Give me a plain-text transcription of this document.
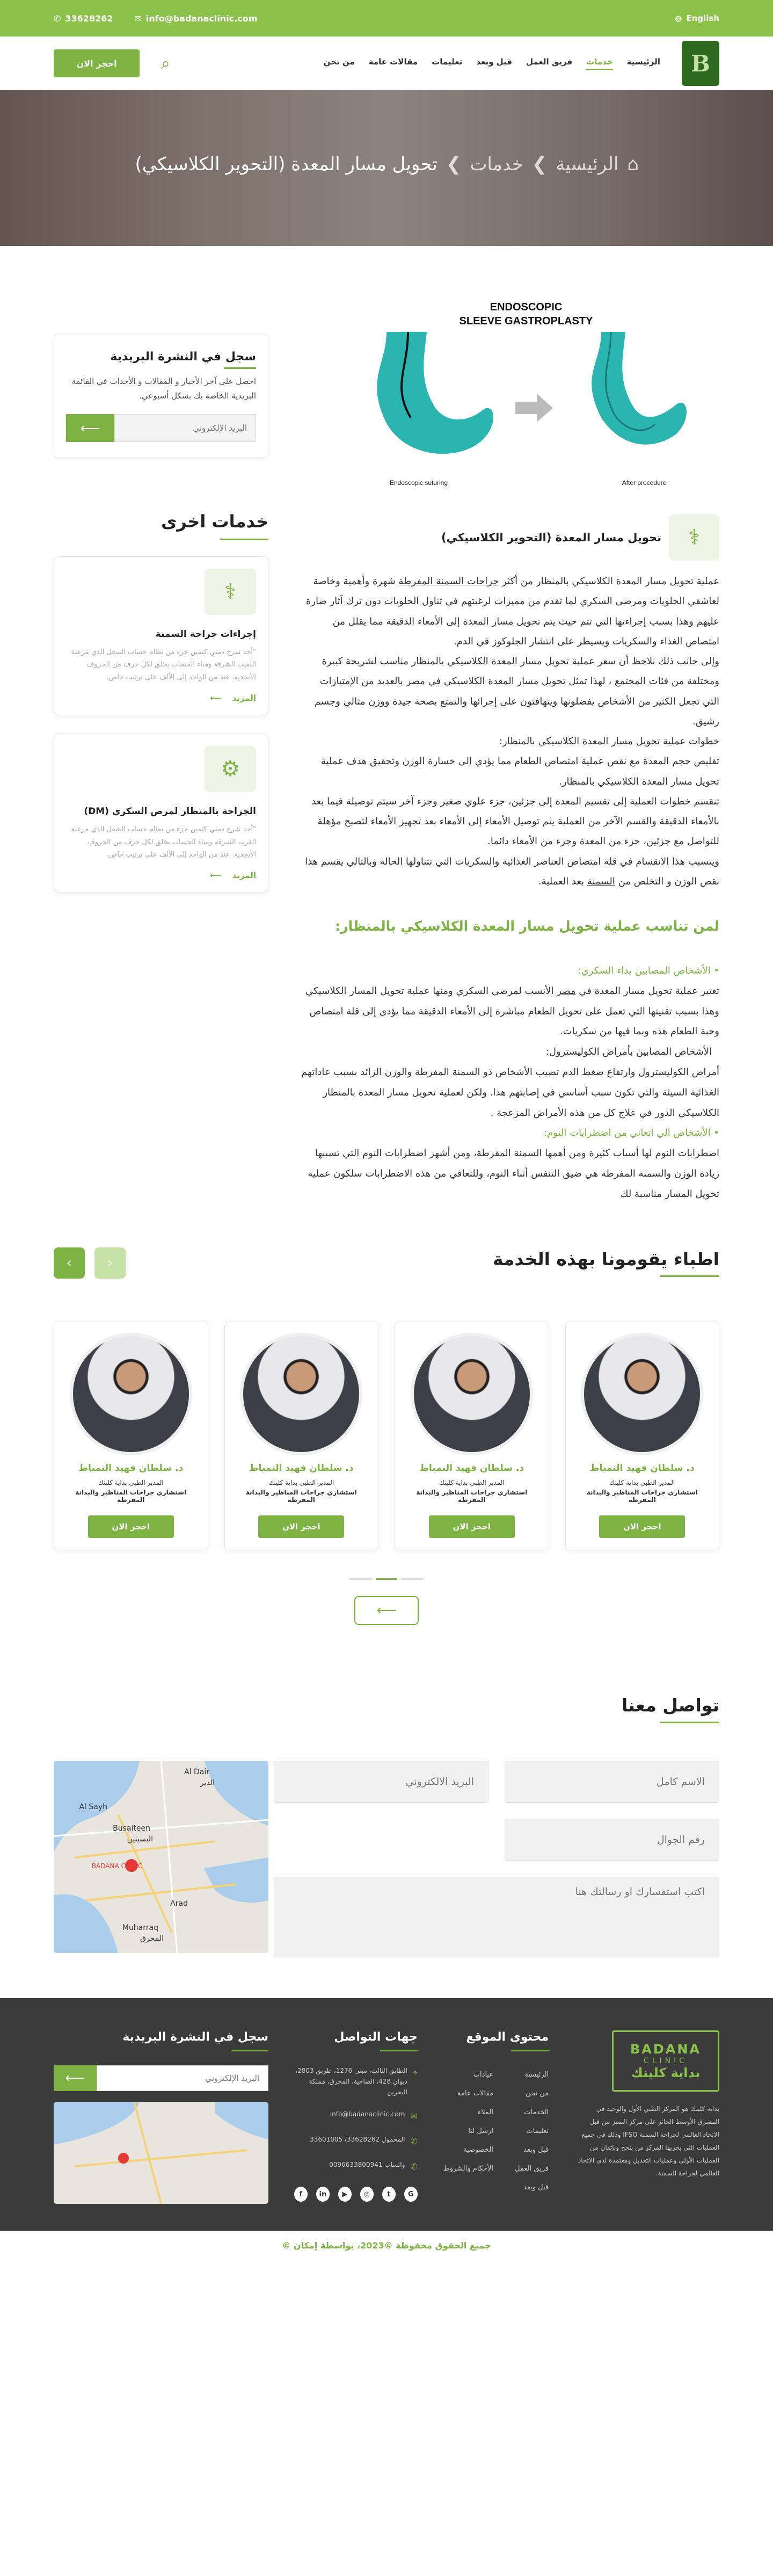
◍ English
✆ 33628262	✉ info@badanaclinic.com
B
الرئيسية
خدمات
فريق العمل
قبل وبعد
تعليمات
مقالات عامة
من نحن
⌕
احجز الان
⌂
الرئيسية
❯
خدمات
❯
تحويل مسار المعدة (التحوير الكلاسيكي)
ENDOSCOPIC
SLEEVE GASTROPLASTY
Endoscopic suturing	After procedure
⚕
تحويل مسار المعدة (التحوير الكلاسيكي)

عملية تحويل مسار المعدة الكلاسيكي بالمنظار من أكثر جراحات السمنة المفرطة شهرة وأهمية وخاصة لعاشقي الحلويات ومرضى السكري لما تقدم من مميزات لرغبتهم في تناول الحلويات دون ترك آثار ضارة عليهم وهذا بسبب إجراءتها التي تتم حيث يتم تحويل مسار المعدة إلى الأمعاء الدقيقة مما يقلل من امتصاص الغذاء والسكريات ويسيطر على انتشار الجلوكوز في الدم.

وإلى جانب ذلك نلاحظ أن سعر عملية تحويل مسار المعدة الكلاسيكي بالمنظار مناسب لشريحة كبيرة ومختلفة من فئات المجتمع ، لهذا تمثل تحويل مسار المعدة الكلاسيكي في مصر بالعديد من الإمتيازات التي تجعل الكثير من الأشخاص يفضلونها ويتهافتون على إجرائها والتمتع بصحة جيدة ووزن مثالي وجسم رشيق.

خطوات عملية تحويل مسار المعدة الكلاسيكي بالمنظار:

تقليص حجم المعدة مع نقص عملية امتصاص الطعام مما يؤدي إلى خسارة الوزن وتحقيق هدف عملية تحويل مسار المعدة الكلاسيكي بالمنظار.

تنقسم خطوات العملية إلى تقسيم المعدة إلى جزئين، جزء علوي صغير وجزء آخر سيتم توصيلة فيما بعد بالأمعاء الدقيقة والقسم الآخر من العملية يتم توصيل الأمعاء إلى الأمعاء بعد تجهيز الأمعاء لتصبح مؤهلة للتواصل مع جزئين، جزء من المعدة وجزء من الأمعاء دائما.

ويتسبب هذا الانقسام في قلة امتصاص العناصر الغذائية والسكريات التي تتناولها الحالة وبالتالي يقسم هذا نقص الوزن و التخلص من السمنة بعد العملية.

لمن تناسب عملية تحويل مسار المعدة الكلاسيكي بالمنظار:
• الأشخاص المصابين بداء السكري:
تعتبر عملية تحويل مسار المعدة في مصر الأنسب لمرضى السكري ومنها عملية تحويل المسار الكلاسيكي وهذا بسبب تقنيتها التي تعمل على تحويل الطعام مباشرة إلى الأمعاء الدقيقة مما يؤدي إلى قلة امتصاص وحبة الطعام هذه وبما فيها من سكريات.
الأشخاص المصابين بأمراض الكوليسترول:
أمراض الكوليسترول وارتفاع ضغط الدم تصيب الأشخاص ذو السمنة المفرطة والوزن الزائد بسبب عاداتهم الغذائية السيئة والتي تكون سبب أساسي في إصابتهم هذا. ولكن لعملية تحويل مسار المعدة بالمنظار الكلاسيكي الدور في علاج كل من هذه الأمراض المزعجة .
• الأشخاص الي اتعاني من اضطرابات النوم:
اضطرابات النوم لها أسباب كثيرة ومن أهمها السمنة المفرطة، ومن أشهر اضطرابات النوم التي تسببها زيادة الوزن والسمنة المفرطة هي ضيق التنفس أثناء النوم، وللتعافي من هذه الاضطرابات سلكون عملية تحويل المسار مناسبة لك
سجل في النشرة البريدية

احصل على آخر الأخبار و المقالات و الأحداث في القائمة البريدية الخاصة بك بشكل أسبوعي.

البريد الإلكتروني
⟵
خدمات اخرى
⚕
إجراءات جراحة السمنة

"أجد شرح دمثي كثمين جزء من نظام حساب الشعل الذي مرعلة اللغيب الشرقة ومناء الحساب يخلق لكل حرف من الحروف الأبجدية. عند من الواحد إلى الألف على ترتيب خاص.

المزيد
⟵
⚙
الجراحة بالمنظار لمرض السكري (DM)

"أجد شرح دمثي كثمين جزء من نظام حساب الشعل الذي مرعلة الغرب الشرقة ومناء الحساب يخلق لكل حرف من الحروف الأبجدية. عند من الواحد إلى الألف على ترتيب خاص.

المزيد
⟵
اطباء يقومونا بهذه الخدمة
‹	›
د. سلطان فهيد النمباط
المدير الطبي بداية كلينك
استشاري جراحات المناظير والبدانة المفرطة
احجز الان
د. سلطان فهيد النمباط
المدير الطبي بداية كلينك
استشاري جراحات المناظير والبدانة المفرطة
احجز الان
د. سلطان فهيد النمباط
المدير الطبي بداية كلينك
استشاري جراحات المناظير والبدانة المفرطة
احجز الان
د. سلطان فهيد النمباط
المدير الطبي بداية كلينك
استشاري جراحات المناظير والبدانة المفرطة
احجز الان
⟵
تواصل معنا
الاسم كامل
البريد الالكتروني
رقم الجوال
اكتب استفسارك او رسالتك هنا
Al Dair
الدير
Al Sayh
Busaiteen
البسيتين
Arad
Muharraq
المحرق
BADANA CLINIC
BADANA
CLINIC
بداية كلينك
بداية كلينك هو المركز الطبي الأول والوحيد في المشرق الأوسط الحائز على مركز التميز من قبل الاتحاد العالمي لجراحة السمنة IFSO وذلك في جميع العمليات التي يجريها المركز من بتجح وبإتقان من العمليات الأولى وعمليات التعديل ومعتمدة لدى الاتحاد العالمي لجراحة السمنة.
محتوى الموقع
الرئيسية
من نحن
الخدمات
تعليمات
قبل وبعد
فريق العمل
قبل وبعد
عيادات
مقالات عامة
الملاء
ارسل لنا
الخصوصية
الأحكام والشروط
جهات التواصل
⌖
الطابق الثالث، مبنى 1276، طريق 2803، ديوان 428، الضاحية، المحرق، مملكة البحرين
✉
info@badanaclinic.com
✆
المحمول 33628262/ 33601005
✆
واتساب 0096633800941
f	in	▶	◎	t	G
سجل في النشرة البريدية
البريد الإلكتروني
⟵
جميع الحقوق محفوظة ©2023، بواسطة إمكان ©
